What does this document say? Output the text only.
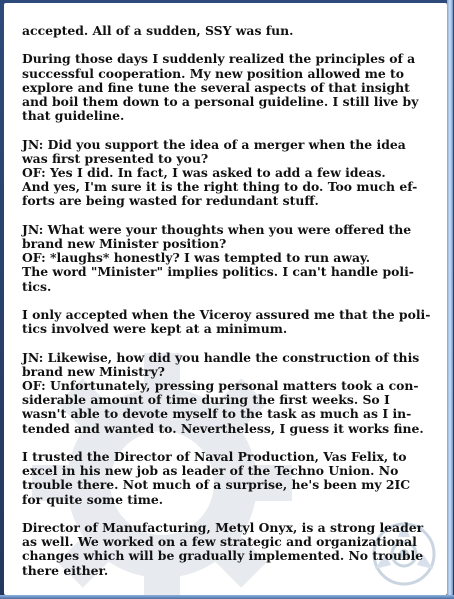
accepted. All of a sudden, SSY was fun.
During those days I suddenly realized the principles of a
successful cooperation. My new position allowed me to
explore and fine tune the several aspects of that insight
and boil them down to a personal guideline. I still live by
that guideline.
JN: Did you support the idea of a merger when the idea
was first presented to you?
OF: Yes I did. In fact, I was asked to add a few ideas.
And yes, I'm sure it is the right thing to do. Too much ef-
forts are being wasted for redundant stuff.
JN: What were your thoughts when you were offered the
brand new Minister position?
OF: *laughs* honestly? I was tempted to run away.
The word "Minister" implies politics. I can't handle poli-
tics.
I only accepted when the Viceroy assured me that the poli-
tics involved were kept at a minimum.
JN: Likewise, how did you handle the construction of this
brand new Ministry?
OF: Unfortunately, pressing personal matters took a con-
siderable amount of time during the first weeks. So I
wasn't able to devote myself to the task as much as I in-
tended and wanted to. Nevertheless, I guess it works fine.
I trusted the Director of Naval Production, Vas Felix, to
excel in his new job as leader of the Techno Union. No
trouble there. Not much of a surprise, he's been my 2IC
for quite some time.
Director of Manufacturing, Metyl Onyx, is a strong leader
as well. We worked on a few strategic and organizational
changes which will be gradually implemented. No trouble
there either.
